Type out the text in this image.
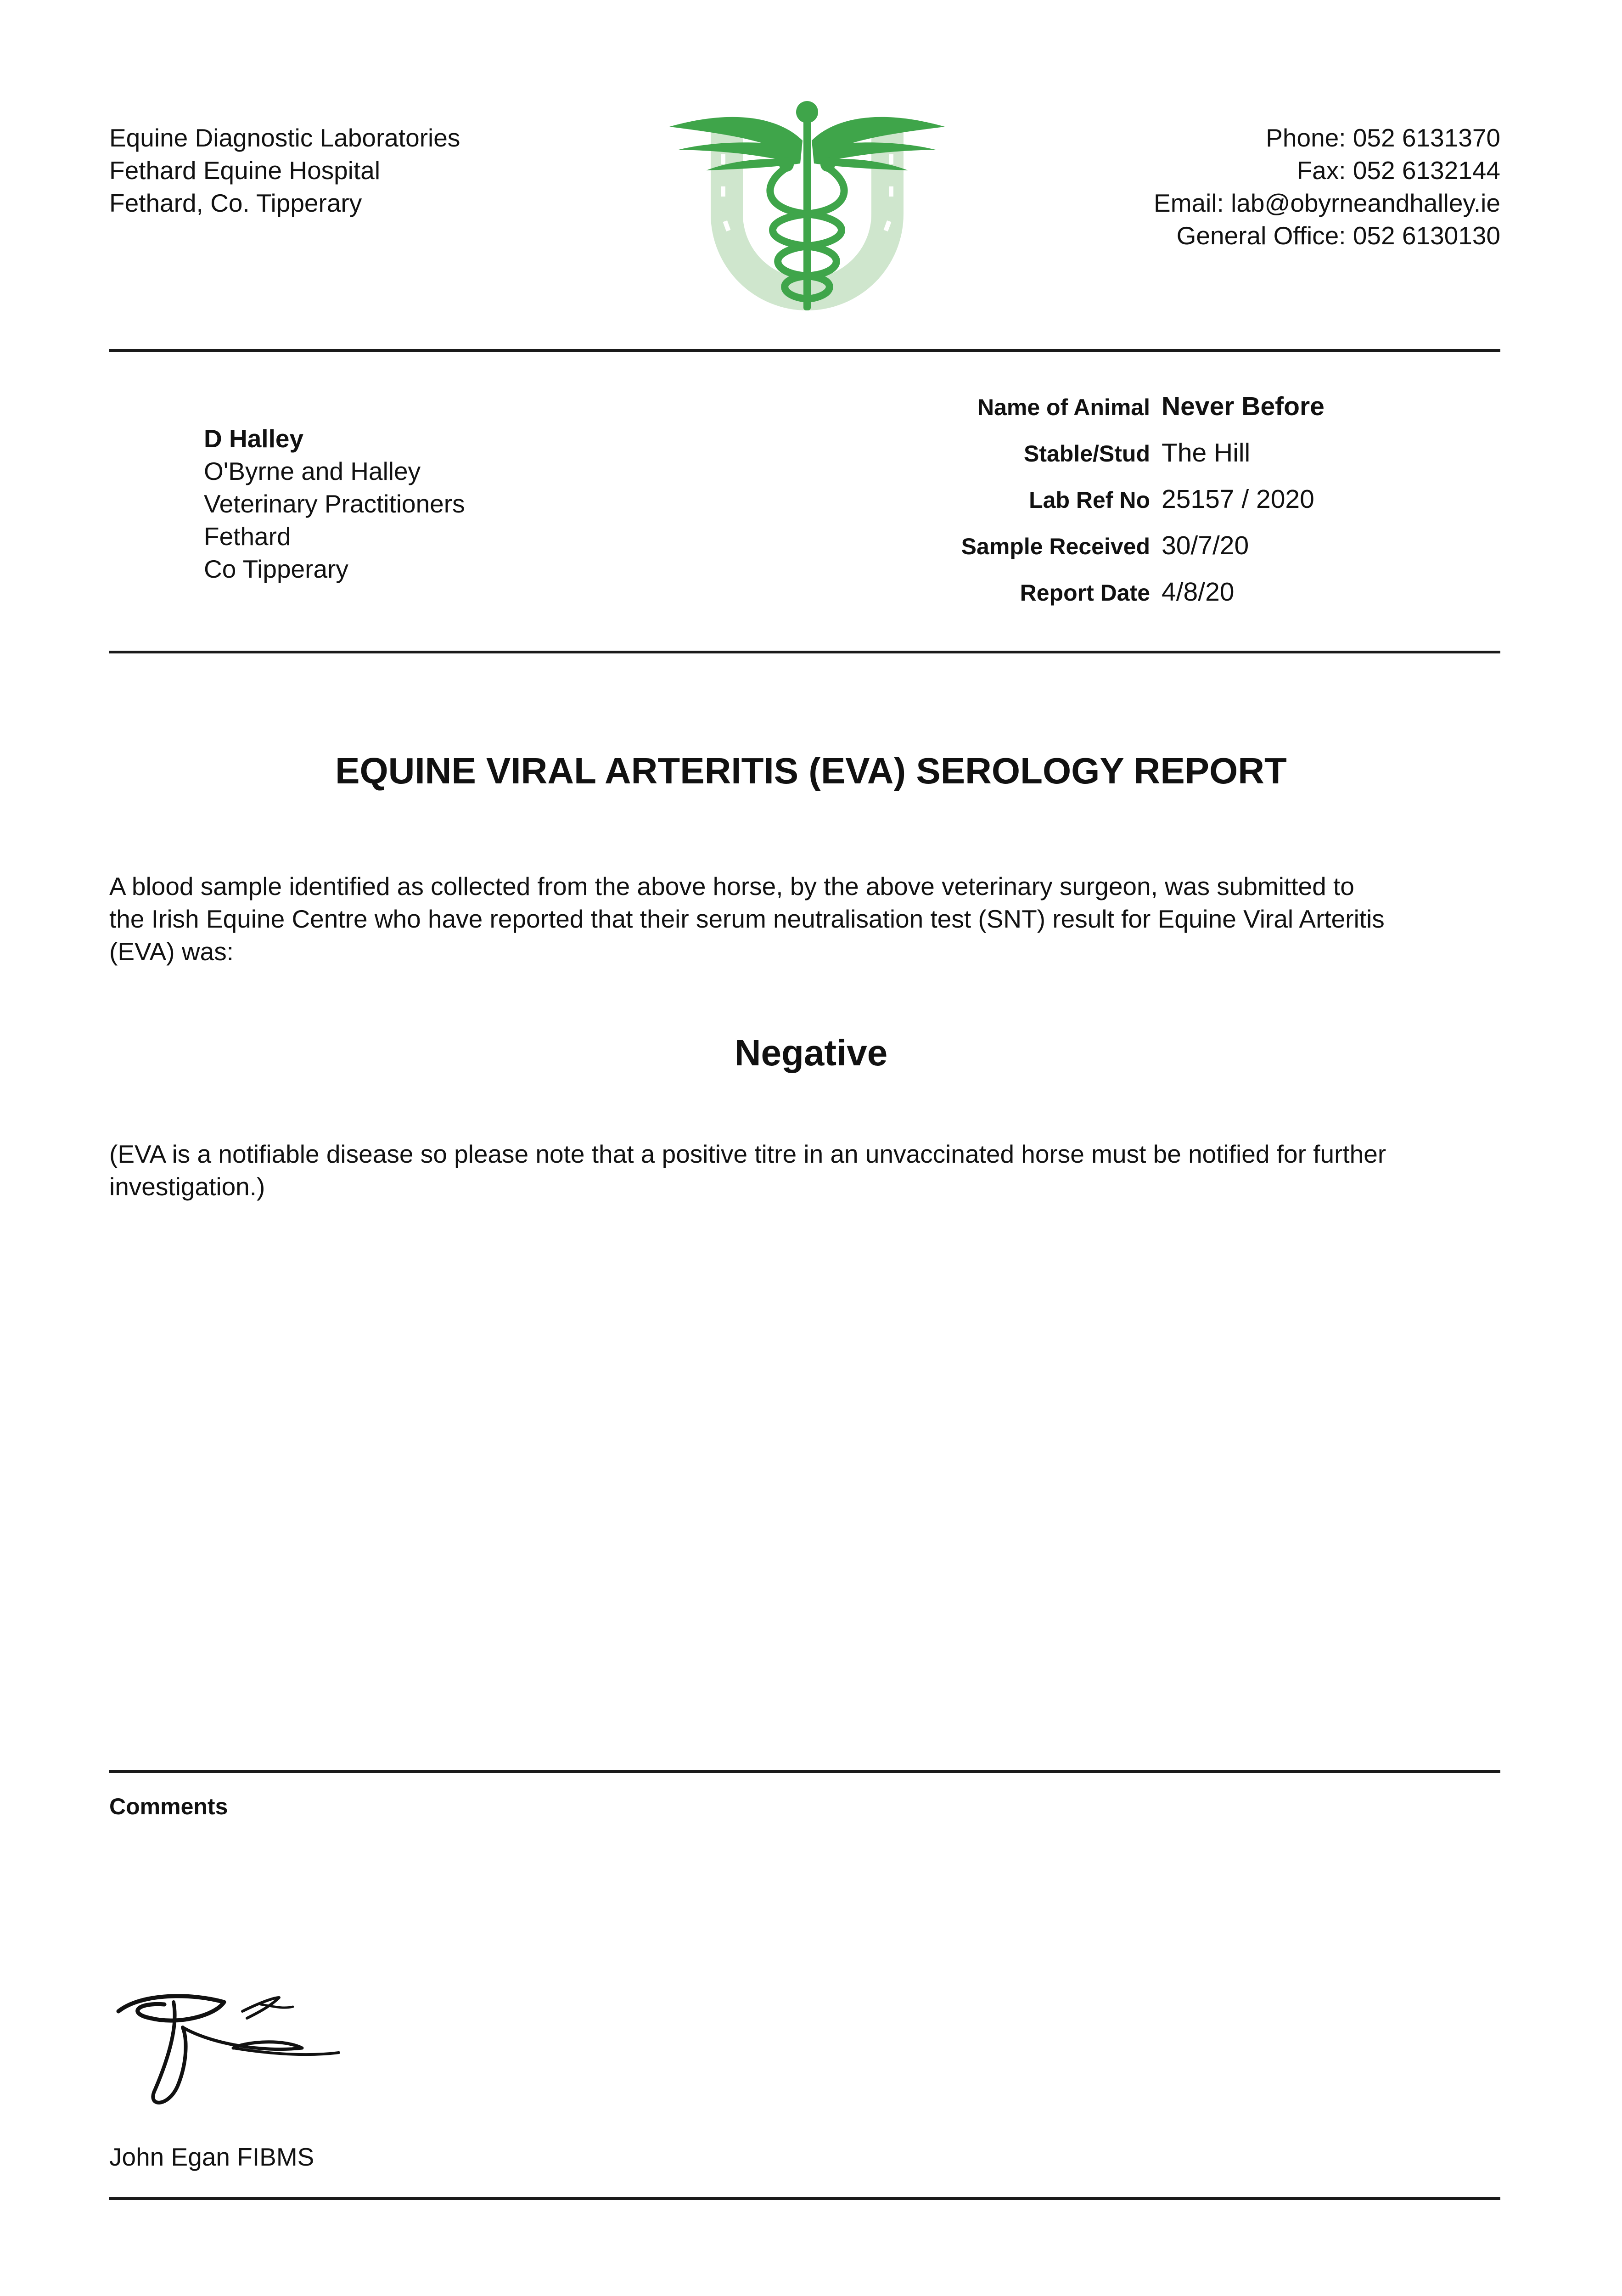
Equine Diagnostic Laboratories
Fethard Equine Hospital
Fethard, Co. Tipperary
Phone: 052 6131370
Fax: 052 6132144
Email: lab@obyrneandhalley.ie
General Office: 052 6130130
D Halley
O'Byrne and Halley
Veterinary Practitioners
Fethard
Co Tipperary
Name of Animal Never Before
Stable/Stud The Hill
Lab Ref No 25157 / 2020
Sample Received 30/7/20
Report Date 4/8/20
EQUINE VIRAL ARTERITIS (EVA) SEROLOGY REPORT
A blood sample identified as collected from the above horse, by the above veterinary surgeon, was submitted to
the Irish Equine Centre who have reported that their serum neutralisation test (SNT) result for Equine Viral Arteritis
(EVA) was:
Negative
(EVA is a notifiable disease so please note that a positive titre in an unvaccinated horse must be notified for further
investigation.)
Comments
John Egan FIBMS
